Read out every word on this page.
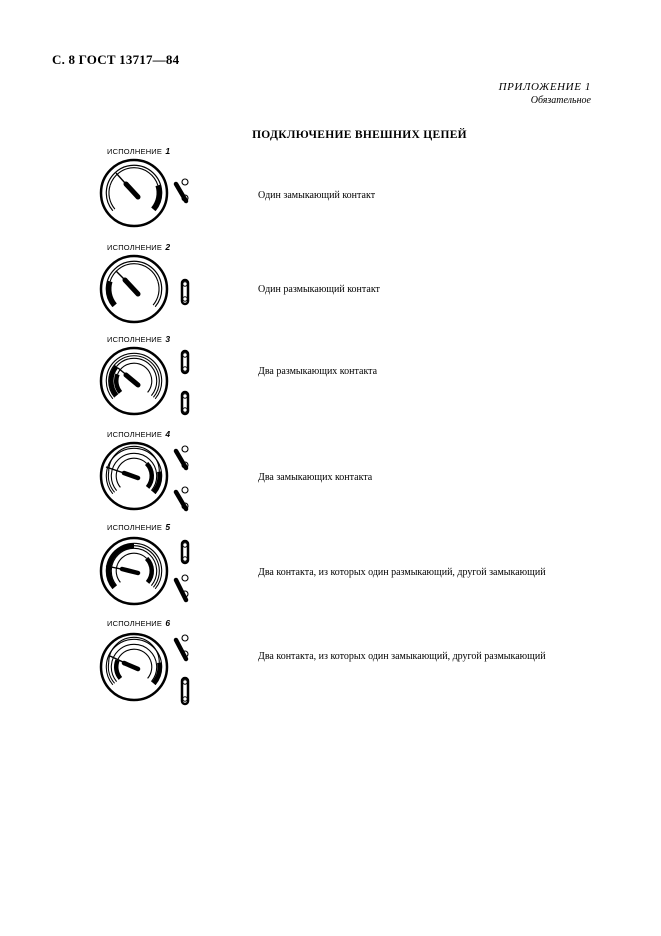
С. 8 ГОСТ 13717—84
ПРИЛОЖЕНИЕ 1
Обязательное
ПОДКЛЮЧЕНИЕ ВНЕШНИХ ЦЕПЕЙ
ИСПОЛНЕНИЕ 1
Один замыкающий контакт
ИСПОЛНЕНИЕ 2
Один размыкающий контакт
ИСПОЛНЕНИЕ 3
Два размыкающих контакта
ИСПОЛНЕНИЕ 4
Два замыкающих контакта
ИСПОЛНЕНИЕ 5
Два контакта, из которых один размыкающий, другой замыкающий
ИСПОЛНЕНИЕ 6
Два контакта, из которых один замыкающий, другой размыкающий
